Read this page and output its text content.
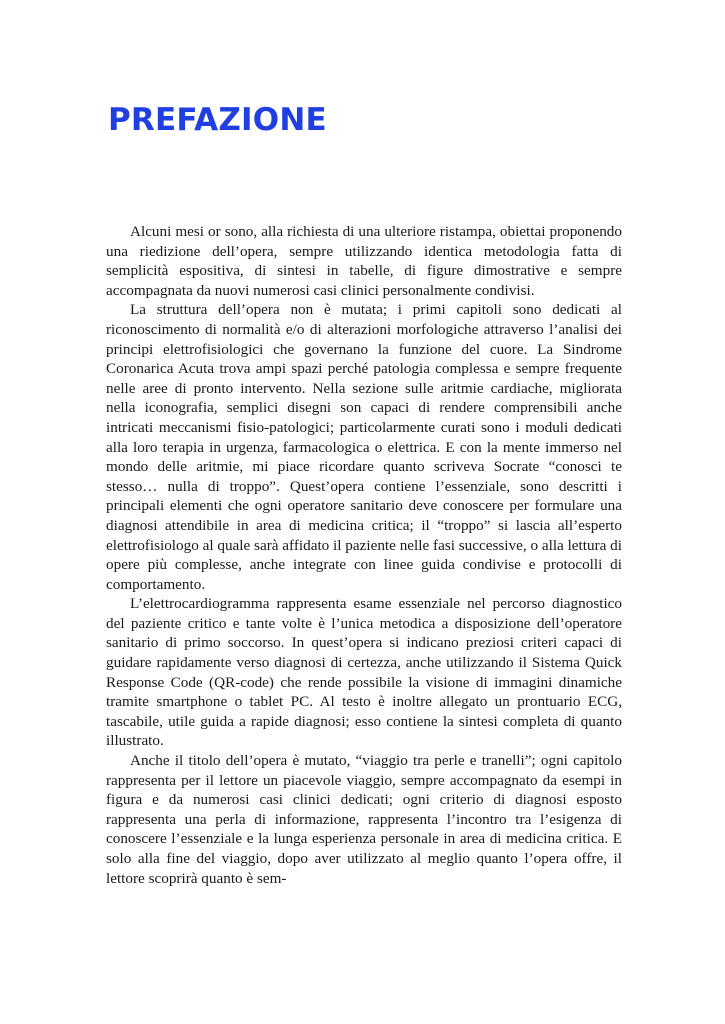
PREFAZIONE

Alcuni mesi or sono, alla richiesta di una ulteriore ristampa, obiettai proponendo una riedizione dell’opera, sempre utilizzando identica metodologia fatta di semplicità espositiva, di sintesi in tabelle, di figure dimostrative e sempre accompagnata da nuovi numerosi casi clinici personalmente condivisi.

La struttura dell’opera non è mutata; i primi capitoli sono dedicati al riconoscimento di normalità e/o di alterazioni morfologiche attraverso l’analisi dei principi elettrofisiologici che governano la funzione del cuore. La Sindrome Coronarica Acuta trova ampi spazi perché patologia complessa e sempre frequente nelle aree di pronto intervento. Nella sezione sulle aritmie cardiache, migliorata nella iconografia, semplici disegni son capaci di rendere comprensibili anche intricati meccanismi fisio-patologici; particolarmente curati sono i moduli dedicati alla loro terapia in urgenza, farmacologica o elettrica. E con la mente immerso nel mondo delle aritmie, mi piace ricordare quanto scriveva Socrate “conosci te stesso… nulla di troppo”. Quest’opera contiene l’essenziale, sono descritti i principali elementi che ogni operatore sanitario deve conoscere per formulare una diagnosi attendibile in area di medicina critica; il “troppo” si lascia all’esperto elettrofisiologo al quale sarà affidato il paziente nelle fasi successive, o alla lettura di opere più complesse, anche integrate con linee guida condivise e protocolli di comportamento.

L’elettrocardiogramma rappresenta esame essenziale nel percorso diagnostico del paziente critico e tante volte è l’unica metodica a disposizione dell’operatore sanitario di primo soccorso. In quest’opera si indicano preziosi criteri capaci di guidare rapidamente verso diagnosi di certezza, anche utilizzando il Sistema Quick Response Code (QR-code) che rende possibile la visione di immagini dinamiche tramite smartphone o tablet PC. Al testo è inoltre allegato un prontuario ECG, tascabile, utile guida a rapide diagnosi; esso contiene la sintesi completa di quanto illustrato.

Anche il titolo dell’opera è mutato, “viaggio tra perle e tranelli”; ogni capitolo rappresenta per il lettore un piacevole viaggio, sempre accompagnato da esempi in figura e da numerosi casi clinici dedicati; ogni criterio di diagnosi esposto rappresenta una perla di informazione, rappresenta l’incontro tra l’esigenza di conoscere l’essenziale e la lunga esperienza personale in area di medicina critica. E solo alla fine del viaggio, dopo aver utilizzato al meglio quanto l’opera offre, il lettore scoprirà quanto è sem-
